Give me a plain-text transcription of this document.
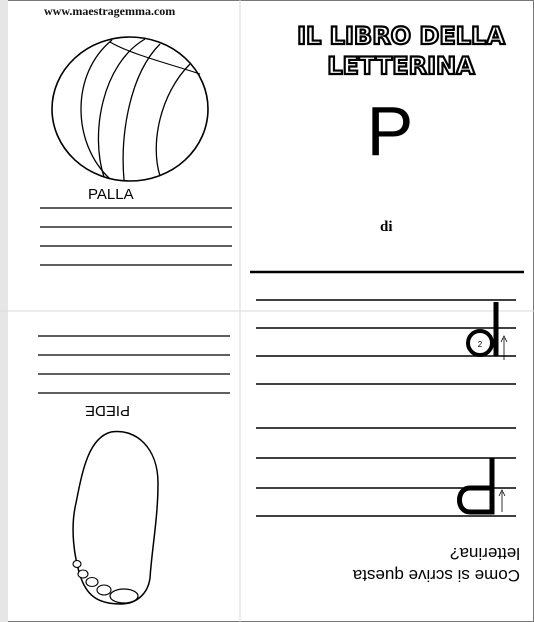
www.maestragemma.com
IL LIBRO DELLA
LETTERINA
P
di
PALLA
PIEDE
2
Come si scrive questa
letterina?
